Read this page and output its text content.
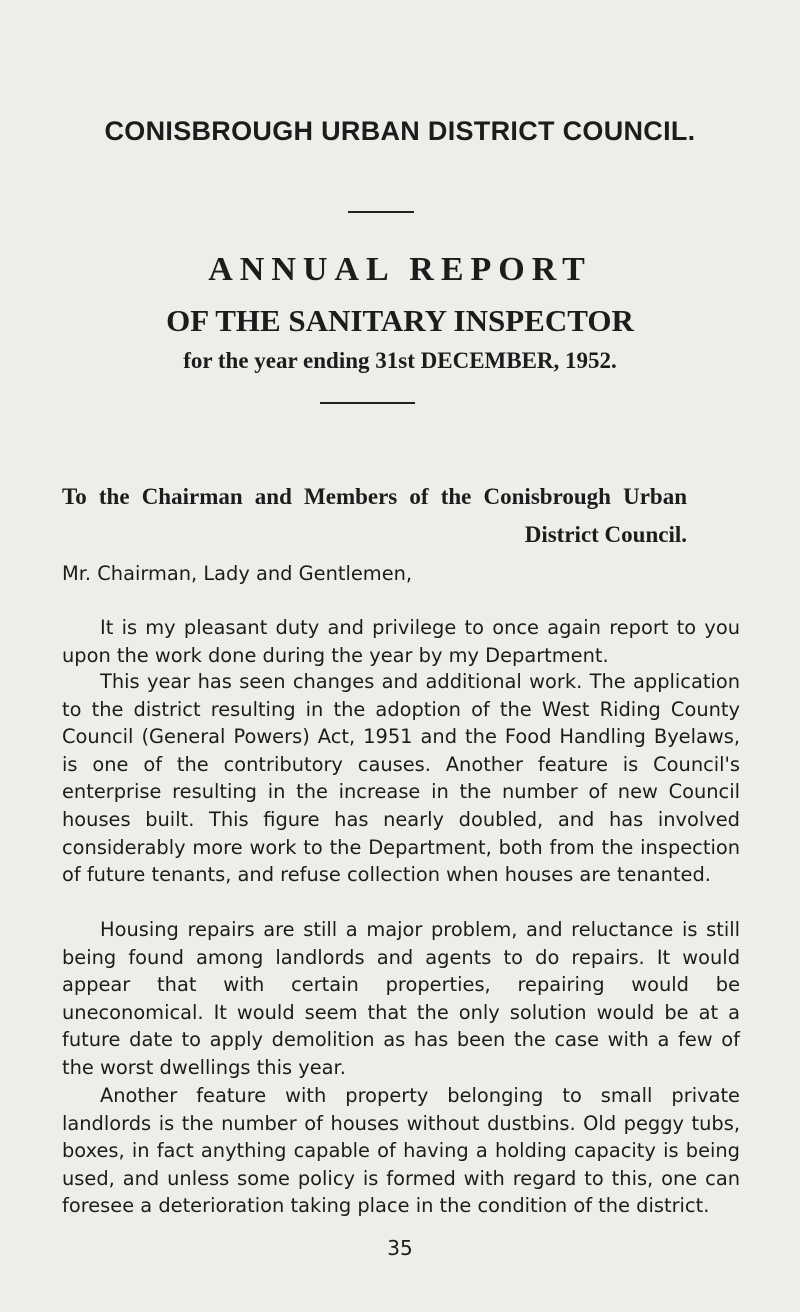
CONISBROUGH URBAN DISTRICT COUNCIL.
ANNUAL REPORT
OF THE SANITARY INSPECTOR
for the year ending 31st DECEMBER, 1952.
To the Chairman and Members of the Conisbrough Urban District Council.
Mr. Chairman, Lady and Gentlemen,

It is my pleasant duty and privilege to once again report to you upon the work done during the year by my Department.

This year has seen changes and additional work. The application to the district resulting in the adoption of the West Riding County Council (General Powers) Act, 1951 and the Food Handling Byelaws, is one of the contributory causes. Another feature is Council's enterprise resulting in the increase in the number of new Council houses built. This figure has nearly doubled, and has involved considerably more work to the Department, both from the inspection of future tenants, and refuse collection when houses are tenanted.

Housing repairs are still a major problem, and reluctance is still being found among landlords and agents to do repairs. It would appear that with certain properties, repairing would be uneconomical. It would seem that the only solution would be at a future date to apply demolition as has been the case with a few of the worst dwellings this year.

Another feature with property belonging to small private landlords is the number of houses without dustbins. Old peggy tubs, boxes, in fact anything capable of having a holding capacity is being used, and unless some policy is formed with regard to this, one can foresee a deterioration taking place in the condition of the district.

35
